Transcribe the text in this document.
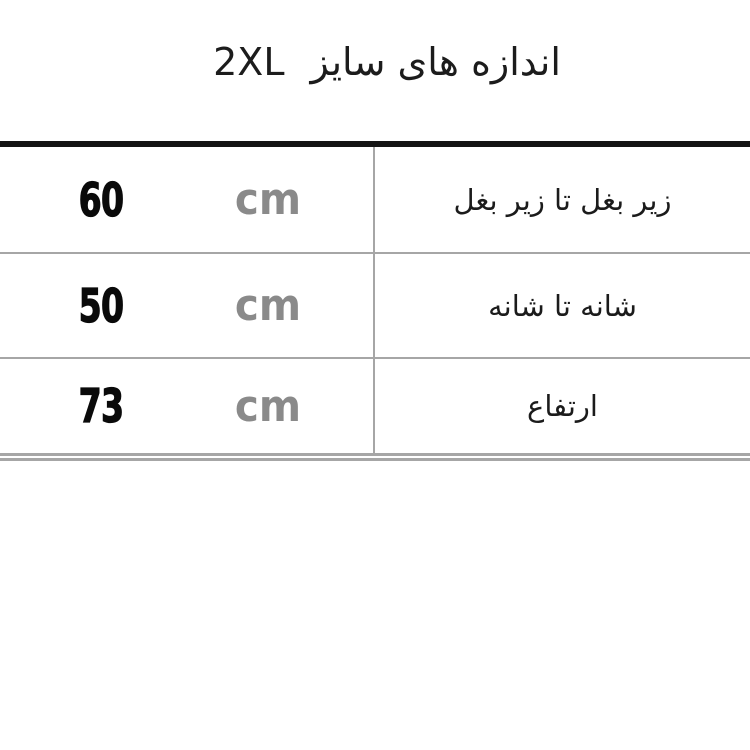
اندازه های سایز
2XL
60	cm	زیر بغل تا زیر بغل
50	cm	شانه تا شانه
73	cm	ارتفاع
